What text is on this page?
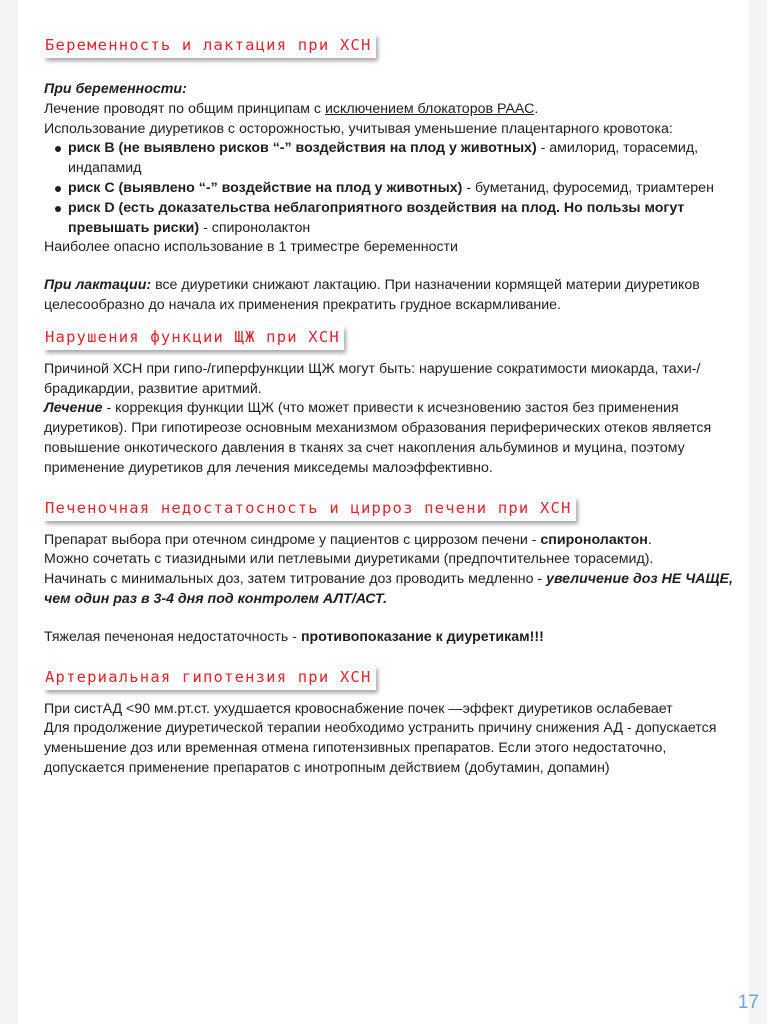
Беременность и лактация при ХСН

При беременности:

Лечение проводят по общим принципам с исключением блокаторов РААС.

Использование диуретиков с осторожностью, учитывая уменьшение плацентарного кровотока:

риск В (не выявлено рисков “-” воздействия на плод у животных) - амилорид, торасемид, индапамид
риск С (выявлено “-” воздействие на плод у животных) - буметанид, фуросемид, триамтерен
риск D (есть доказательства неблагоприятного воздействия на плод. Но пользы могут превышать риски) - спиронолактон

Наиболее опасно использование в 1 триместре беременности

При лактации: все диуретики снижают лактацию. При назначении кормящей материи диуретиков целесообразно до начала их применения прекратить грудное вскармливание.

Нарушения функции ЩЖ при ХСН

Причиной ХСН при гипо-/гиперфункции ЩЖ могут быть: нарушение сократимости миокарда, тахи-/брадикардии, развитие аритмий.

Лечение - коррекция функции ЩЖ (что может привести к исчезновению застоя без применения диуретиков). При гипотиреозе основным механизмом образования периферических отеков является повышение онкотического давления в тканях за счет накопления альбуминов и муцина, поэтому применение диуретиков для лечения микседемы малоэффективно.

Печеночная недостатосность и цирроз печени при ХСН

Препарат выбора при отечном синдроме у пациентов с циррозом печени - спиронолактон.

Можно сочетать с тиазидными или петлевыми диуретиками (предпочтительнее торасемид).

Начинать с минимальных доз, затем титрование доз проводить медленно - увеличение доз НЕ ЧАЩЕ, чем один раз в 3-4 дня под контролем АЛТ/АСТ.

Тяжелая печеноная недостаточность - противопоказание к диуретикам!!!

Артериальная гипотензия при ХСН

При систАД <90 мм.рт.ст. ухудшается кровоснабжение почек —эффект диуретиков ослабевает

Для продолжение диуретической терапии необходимо устранить причину снижения АД - допускается уменьшение доз или временная отмена гипотензивных препаратов. Если этого недостаточно, допускается применение препаратов с инотропным действием (добутамин, допамин)

17
